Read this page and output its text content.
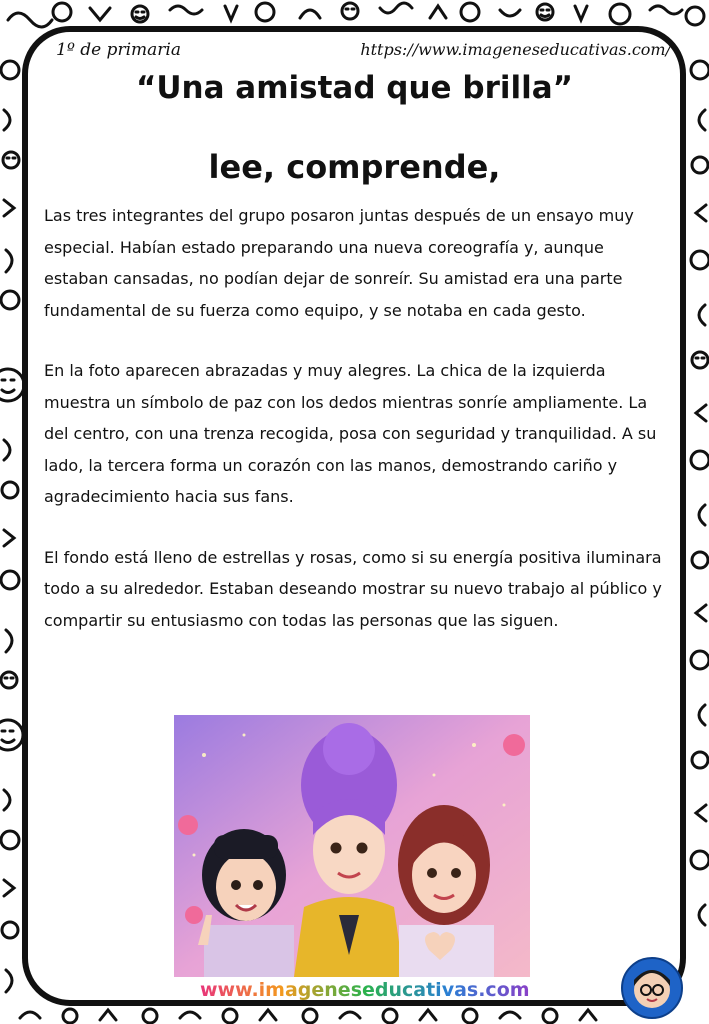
1º de primaria	https://www.imageneseducativas.com/
“Una amistad que brilla”
lee, comprende,

Las tres integrantes del grupo posaron juntas después de un ensayo muy especial. Habían estado preparando una nueva coreografía y, aunque estaban cansadas, no podían dejar de sonreír. Su amistad era una parte fundamental de su fuerza como equipo, y se notaba en cada gesto.

En la foto aparecen abrazadas y muy alegres. La chica de la izquierda muestra un símbolo de paz con los dedos mientras sonríe ampliamente. La del centro, con una trenza recogida, posa con seguridad y tranquilidad. A su lado, la tercera forma un corazón con las manos, demostrando cariño y agradecimiento hacia sus fans.

El fondo está lleno de estrellas y rosas, como si su energía positiva iluminara todo a su alrededor. Estaban deseando mostrar su nuevo trabajo al público y compartir su entusiasmo con todas las personas que las siguen.

www.imageneseducativas.com
